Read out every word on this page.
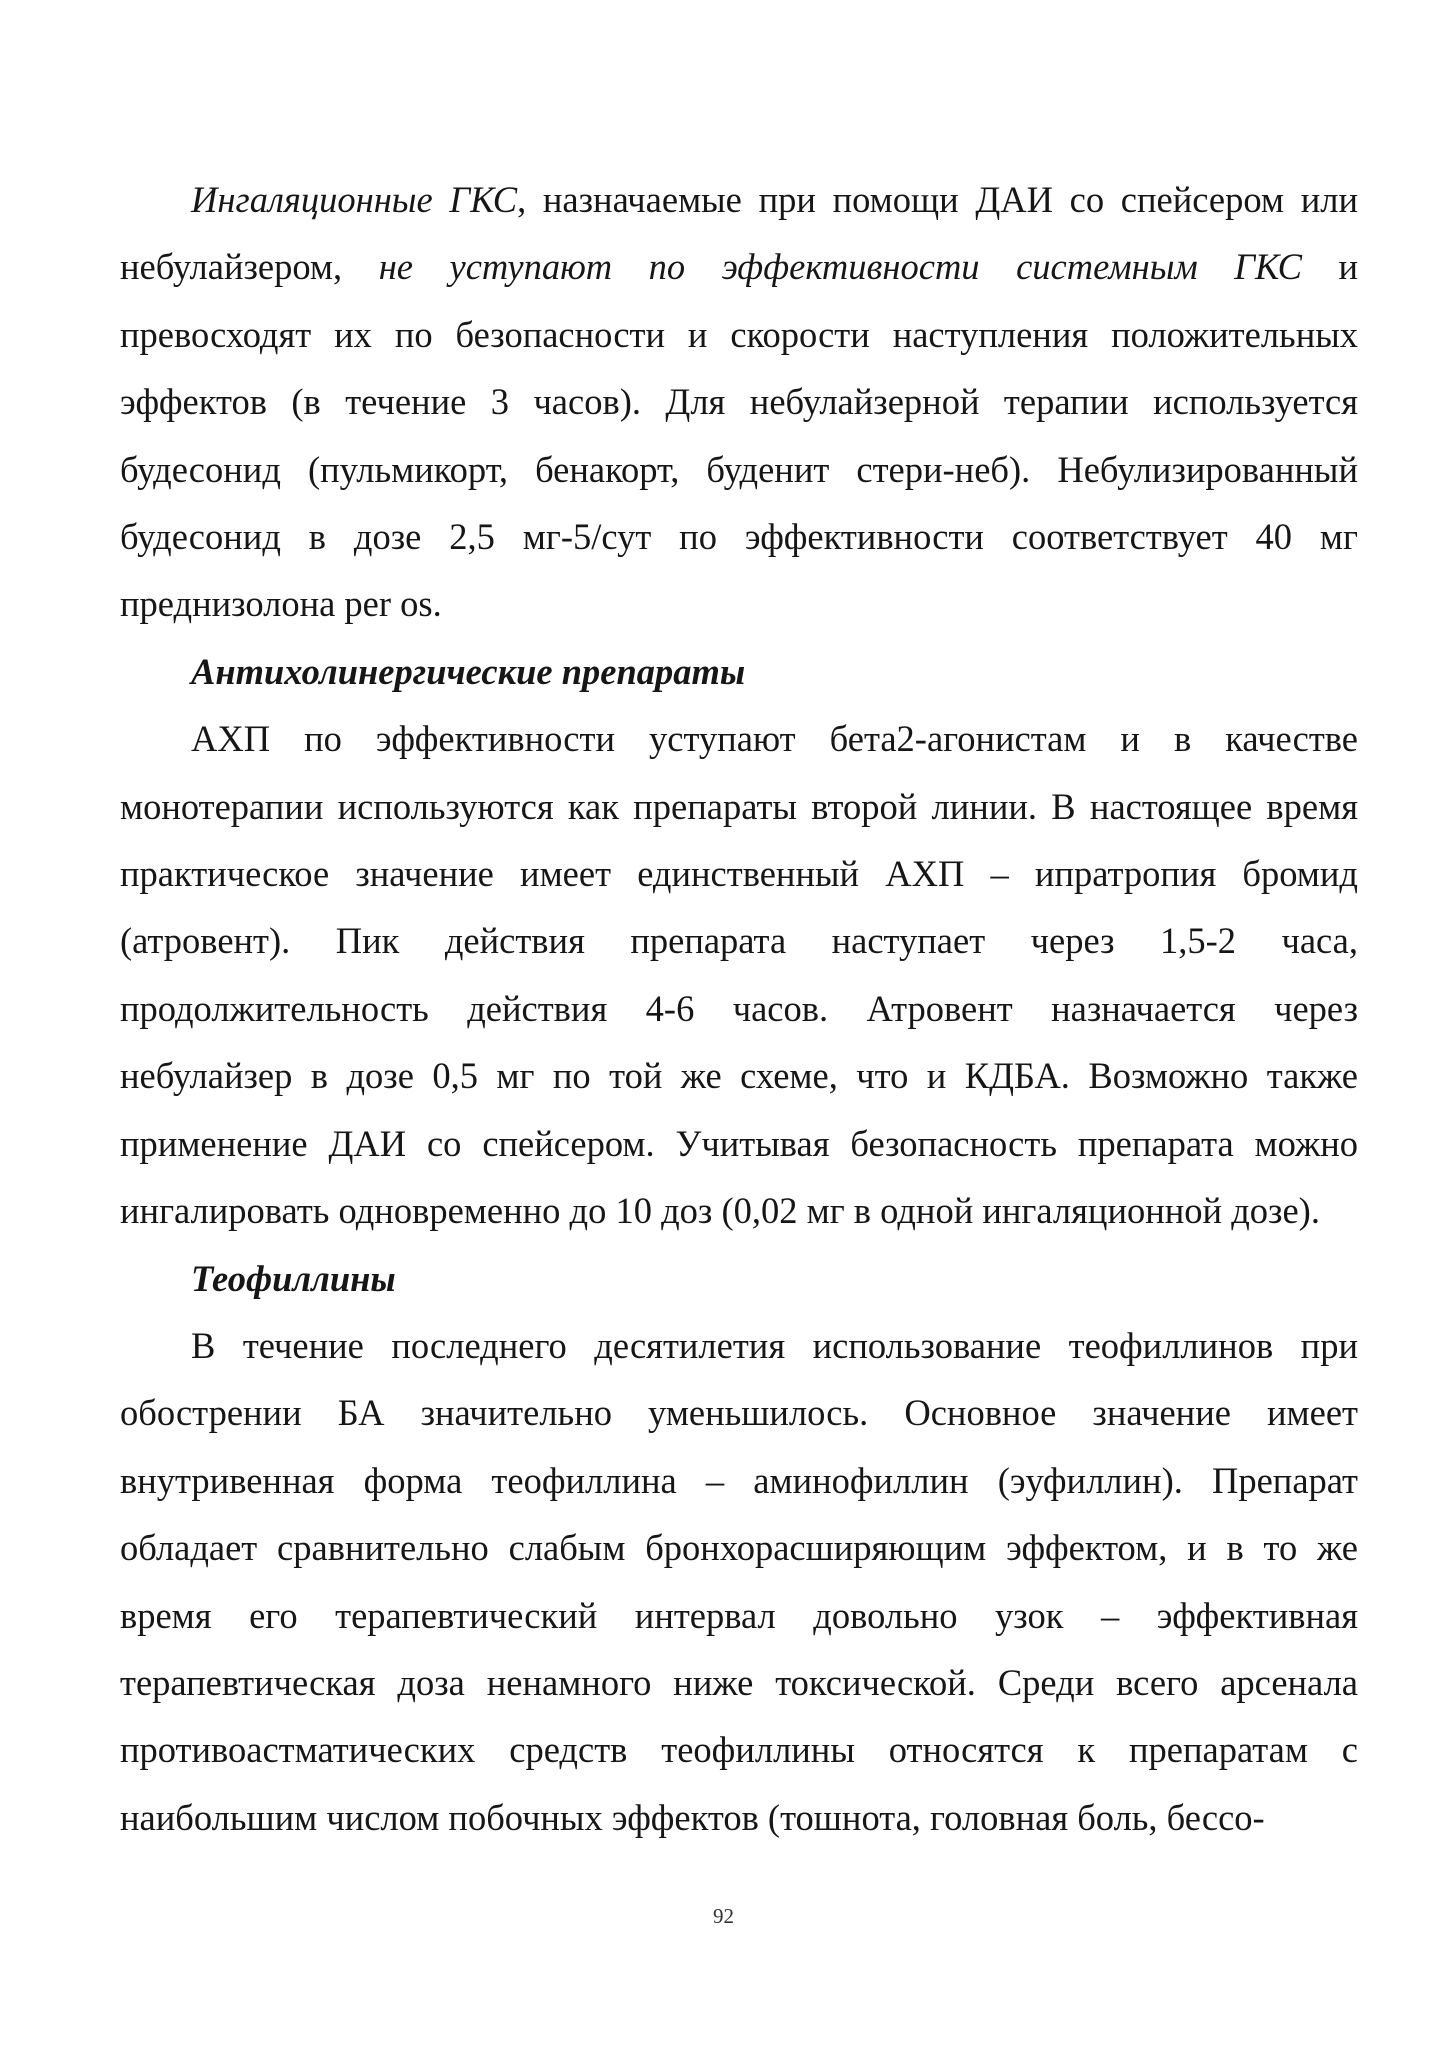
Ингаляционные ГКС, назначаемые при помощи ДАИ со спейсером или небулайзером, не уступают по эффективности системным ГКС и превосходят их по безопасности и скорости наступления положительных эффектов (в течение 3 часов). Для небулайзерной терапии используется будесонид (пульмикорт, бенакорт, буденит стери-неб). Небулизированный будесонид в дозе 2,5 мг-5/сут по эффективности соответствует 40 мг преднизолона per os.

Антихолинергические препараты

АХП по эффективности уступают бета2-агонистам и в качестве монотерапии используются как препараты второй линии. В настоящее время практическое значение имеет единственный АХП – ипратропия бромид (атровент). Пик действия препарата наступает через 1,5-2 часа, продолжительность действия 4-6 часов. Атровент назначается через небулайзер в дозе 0,5 мг по той же схеме, что и КДБА. Возможно также применение ДАИ со спейсером. Учитывая безопасность препарата можно ингалировать одновременно до 10 доз (0,02 мг в одной ингаляционной дозе).

Теофиллины

В течение последнего десятилетия использование теофиллинов при обострении БА значительно уменьшилось. Основное значение имеет внутривенная форма теофиллина – аминофиллин (эуфиллин). Препарат обладает сравнительно слабым бронхорасширяющим эффектом, и в то же время его терапевтический интервал довольно узок – эффективная терапевтическая доза ненамного ниже токсической. Среди всего арсенала противоастматических средств теофиллины относятся к препаратам с наибольшим числом побочных эффектов (тошнота, головная боль, бессо-

92
